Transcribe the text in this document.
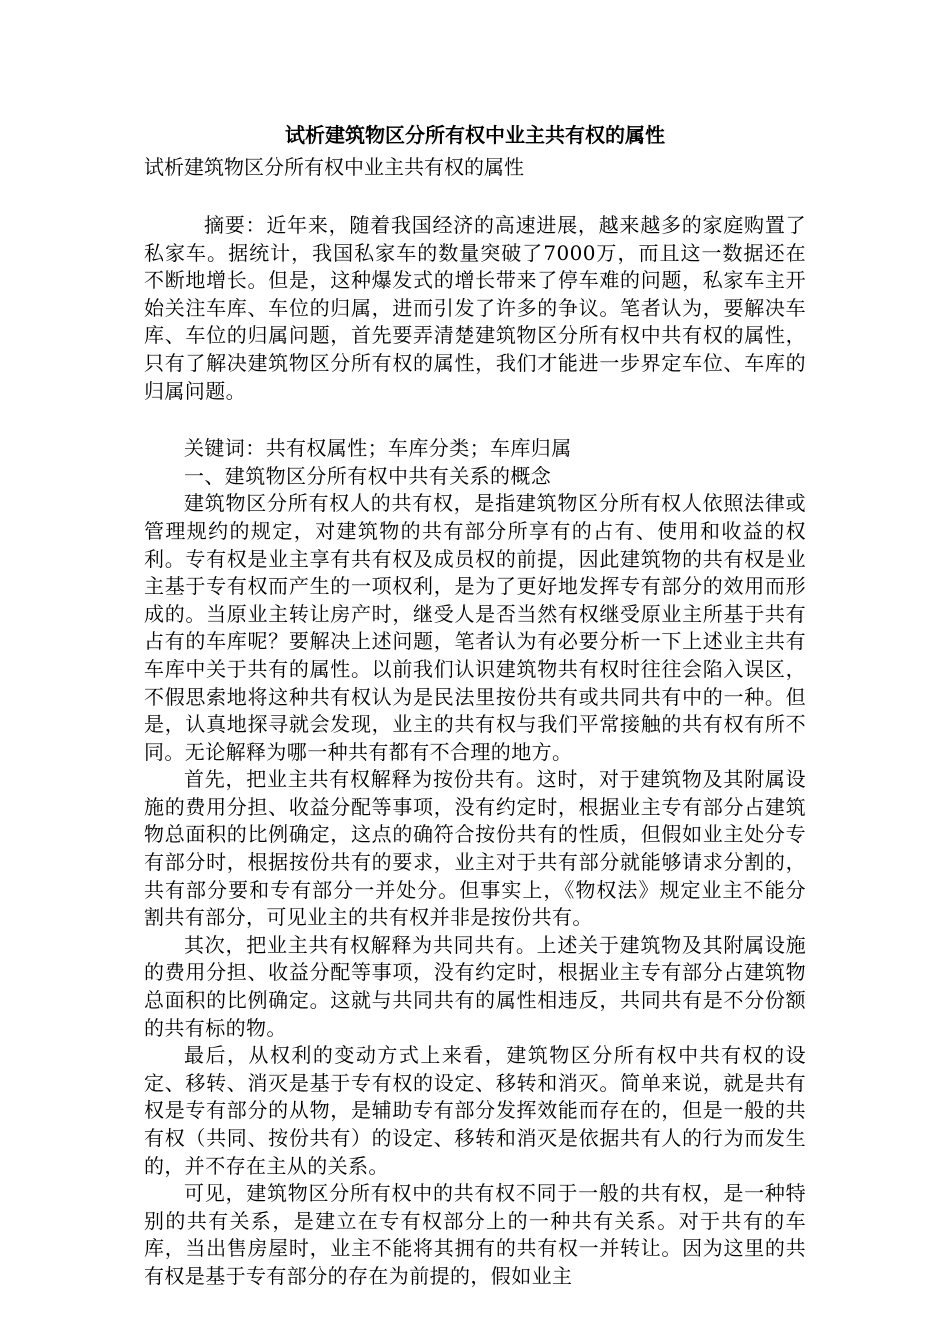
试析建筑物区分所有权中业主共有权的属性
试析建筑物区分所有权中业主共有权的属性

摘要：近年来，随着我国经济的高速进展，越来越多的家庭购置了私家车。据统计，我国私家车的数量突破了7000万，而且这一数据还在不断地增长。但是，这种爆发式的增长带来了停车难的问题，私家车主开始关注车库、车位的归属，进而引发了许多的争议。笔者认为，要解决车库、车位的归属问题，首先要弄清楚建筑物区分所有权中共有权的属性，只有了解决建筑物区分所有权的属性，我们才能进一步界定车位、车库的归属问题。

关键词：共有权属性；车库分类；车库归属

一、建筑物区分所有权中共有关系的概念

建筑物区分所有权人的共有权，是指建筑物区分所有权人依照法律或管理规约的规定，对建筑物的共有部分所享有的占有、使用和收益的权利。专有权是业主享有共有权及成员权的前提，因此建筑物的共有权是业主基于专有权而产生的一项权利，是为了更好地发挥专有部分的效用而形成的。当原业主转让房产时，继受人是否当然有权继受原业主所基于共有占有的车库呢？要解决上述问题，笔者认为有必要分析一下上述业主共有车库中关于共有的属性。以前我们认识建筑物共有权时往往会陷入误区，不假思索地将这种共有权认为是民法里按份共有或共同共有中的一种。但是，认真地探寻就会发现，业主的共有权与我们平常接触的共有权有所不同。无论解释为哪一种共有都有不合理的地方。

首先，把业主共有权解释为按份共有。这时，对于建筑物及其附属设施的费用分担、收益分配等事项，没有约定时，根据业主专有部分占建筑物总面积的比例确定，这点的确符合按份共有的性质，但假如业主处分专有部分时，根据按份共有的要求，业主对于共有部分就能够请求分割的，共有部分要和专有部分一并处分。但事实上，《物权法》规定业主不能分割共有部分，可见业主的共有权并非是按份共有。

其次，把业主共有权解释为共同共有。上述关于建筑物及其附属设施的费用分担、收益分配等事项，没有约定时，根据业主专有部分占建筑物总面积的比例确定。这就与共同共有的属性相违反，共同共有是不分份额的共有标的物。

最后，从权利的变动方式上来看，建筑物区分所有权中共有权的设定、移转、消灭是基于专有权的设定、移转和消灭。简单来说，就是共有权是专有部分的从物，是辅助专有部分发挥效能而存在的，但是一般的共有权（共同、按份共有）的设定、移转和消灭是依据共有人的行为而发生的，并不存在主从的关系。

可见，建筑物区分所有权中的共有权不同于一般的共有权，是一种特别的共有关系，是建立在专有权部分上的一种共有关系。对于共有的车库，当出售房屋时，业主不能将其拥有的共有权一并转让。因为这里的共有权是基于专有部分的存在为前提的，假如业主
